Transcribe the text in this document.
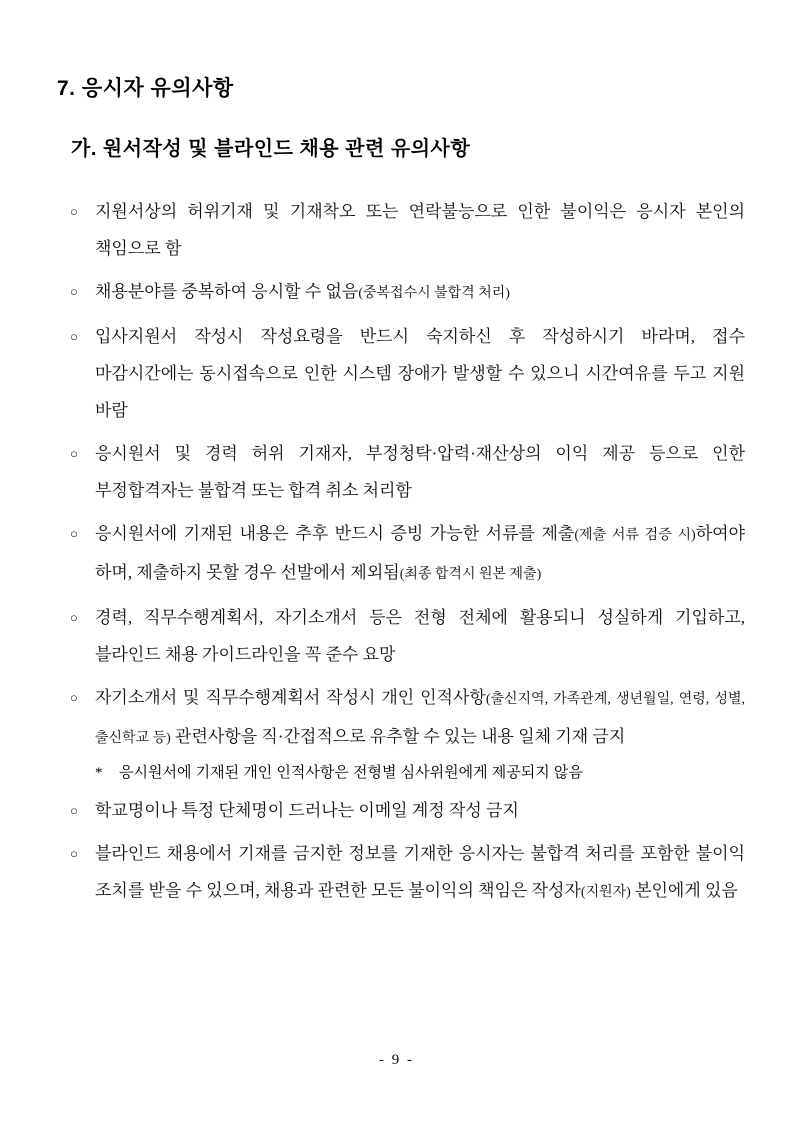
7. 응시자 유의사항
가. 원서작성 및 블라인드 채용 관련 유의사항
○	지원서상의 허위기재 및 기재착오 또는 연락불능으로 인한 불이익은 응시자 본인의 책임으로 함
○	채용분야를 중복하여 응시할 수 없음(중복접수시 불합격 처리)
○	입사지원서 작성시 작성요령을 반드시 숙지하신 후 작성하시기 바라며, 접수 마감시간에는 동시접속으로 인한 시스템 장애가 발생할 수 있으니 시간여유를 두고 지원 바람
○	응시원서 및 경력 허위 기재자, 부정청탁·압력·재산상의 이익 제공 등으로 인한 부정합격자는 불합격 또는 합격 취소 처리함
○	응시원서에 기재된 내용은 추후 반드시 증빙 가능한 서류를 제출(제출 서류 검증 시)하여야 하며, 제출하지 못할 경우 선발에서 제외됨(최종 합격시 원본 제출)
○	경력, 직무수행계획서, 자기소개서 등은 전형 전체에 활용되니 성실하게 기입하고, 블라인드 채용 가이드라인을 꼭 준수 요망
○	자기소개서 및 직무수행계획서 작성시 개인 인적사항(출신지역, 가족관계, 생년월일, 연령, 성별, 출신학교 등) 관련사항을 직·간접적으로 유추할 수 있는 내용 일체 기재 금지
*	응시원서에 기재된 개인 인적사항은 전형별 심사위원에게 제공되지 않음
○	학교명이나 특정 단체명이 드러나는 이메일 계정 작성 금지
○	블라인드 채용에서 기재를 금지한 정보를 기재한 응시자는 불합격 처리를 포함한 불이익 조치를 받을 수 있으며, 채용과 관련한 모든 불이익의 책임은 작성자(지원자) 본인에게 있음
- 9 -
